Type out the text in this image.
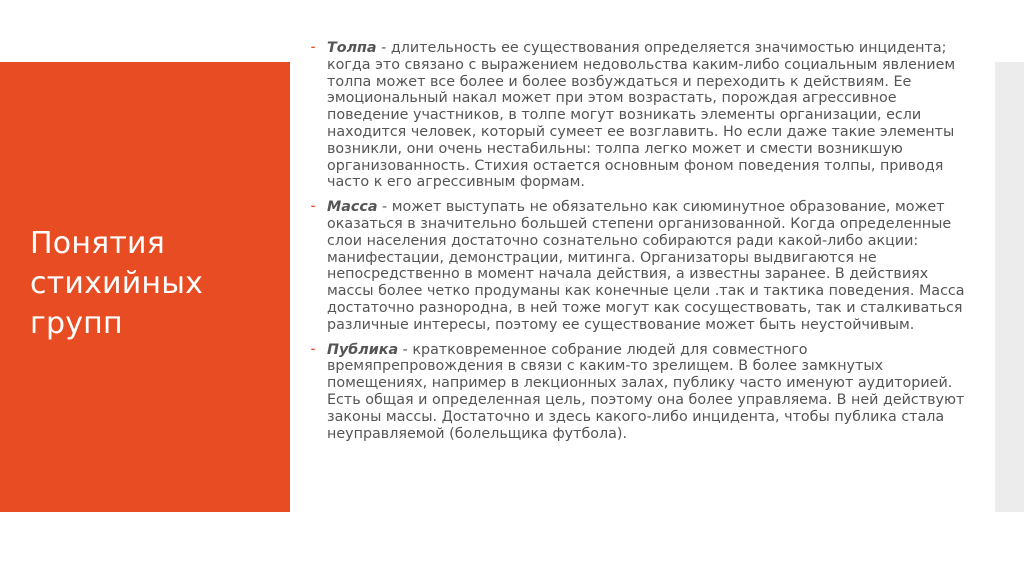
Понятия стихийных групп
⁃ Толпа - длительность ее существования определяется значимостью инцидента; когда это связано с выражением недовольства каким-либо социальным явлением толпа может все более и более возбуждаться и переходить к действиям. Ее эмоциональный накал может при этом возрастать, порождая агрессивное поведение участников, в толпе могут возникать элементы организации, если находится человек, который сумеет ее возглавить. Но если даже такие элементы возникли, они очень нестабильны: толпа легко может и смести возникшую организованность. Стихия остается основным фоном поведения толпы, приводя часто к его агрессивным формам.
⁃ Масса - может выступать не обязательно как сиюминутное образование, может оказаться в значительно большей степени организованной. Когда определенные слои населения достаточно сознательно собираются ради какой-либо акции: манифестации, демонстрации, митинга. Организаторы выдвигаются не непосредственно в момент начала действия, а известны заранее. В действиях массы более четко продуманы как конечные цели .так и тактика поведения. Масса достаточно разнородна, в ней тоже могут как сосуществовать, так и сталкиваться различные интересы, поэтому ее существование может быть неустойчивым.
⁃ Публика - кратковременное собрание людей для совместного времяпрепровождения в связи с каким-то зрелищем. В более замкнутых помещениях, например в лекционных залах, публику часто именуют аудиторией. Есть общая и определенная цель, поэтому она более управляема. В ней действуют законы массы. Достаточно и здесь какого-либо инцидента, чтобы публика стала неуправляемой (болельщика футбола).
